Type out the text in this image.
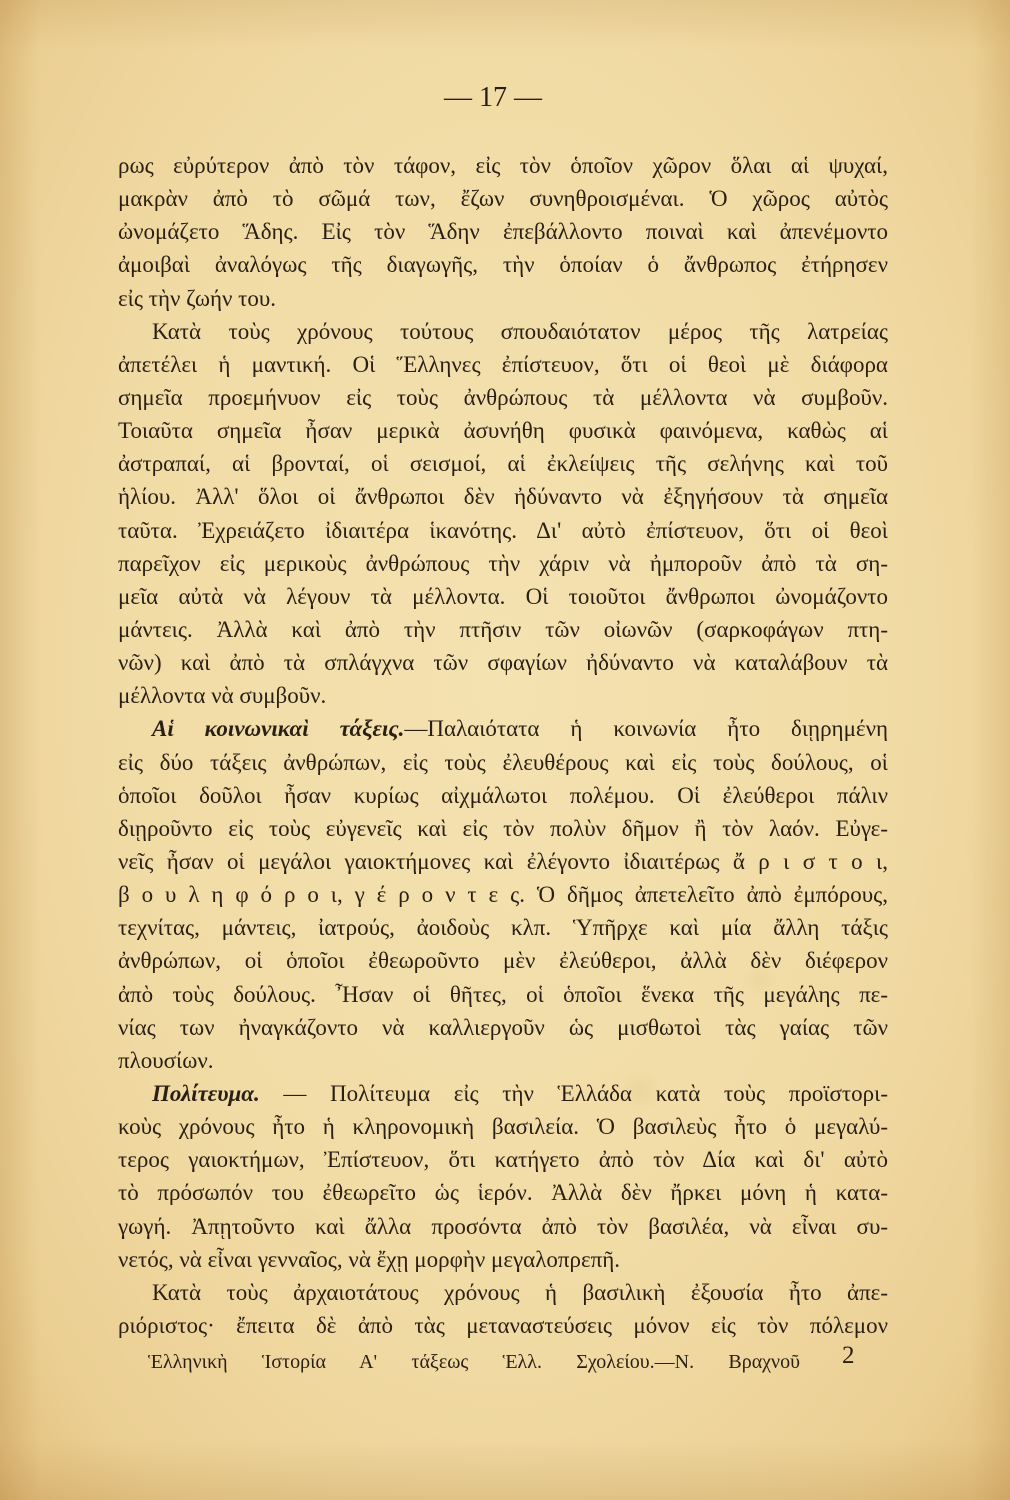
— 17 —
ρως εὐρύτερον ἀπὸ τὸν τάφον, εἰς τὸν ὁποῖον χῶρον ὅλαι αἱ ψυχαί,
μακρὰν ἀπὸ τὸ σῶμά των, ἔζων συνηθροισμέναι. Ὁ χῶρος αὐτὸς
ὠνομάζετο Ἅδης. Εἰς τὸν Ἅδην ἐπεβάλλοντο ποιναὶ καὶ ἀπενέμοντο
ἀμοιβαὶ ἀναλόγως τῆς διαγωγῆς, τὴν ὁποίαν ὁ ἄνθρωπος ἐτήρησεν
εἰς τὴν ζωήν του.
Κατὰ τοὺς χρόνους τούτους σπουδαιότατον μέρος τῆς λατρείας
ἀπετέλει ἡ μαντική. Οἱ Ἕλληνες ἐπίστευον, ὅτι οἱ θεοὶ μὲ διάφορα
σημεῖα προεμήνυον εἰς τοὺς ἀνθρώπους τὰ μέλλοντα νὰ συμβοῦν.
Τοιαῦτα σημεῖα ἦσαν μερικὰ ἀσυνήθη φυσικὰ φαινόμενα, καθὼς αἱ
ἀστραπαί, αἱ βρονταί, οἱ σεισμοί, αἱ ἐκλείψεις τῆς σελήνης καὶ τοῦ
ἡλίου. Ἀλλ' ὅλοι οἱ ἄνθρωποι δὲν ἠδύναντο νὰ ἐξηγήσουν τὰ σημεῖα
ταῦτα. Ἐχρειάζετο ἰδιαιτέρα ἱκανότης. Δι' αὐτὸ ἐπίστευον, ὅτι οἱ θεοὶ
παρεῖχον εἰς μερικοὺς ἀνθρώπους τὴν χάριν νὰ ἠμποροῦν ἀπὸ τὰ ση-
μεῖα αὐτὰ νὰ λέγουν τὰ μέλλοντα. Οἱ τοιοῦτοι ἄνθρωποι ὠνομάζοντο
μάντεις. Ἀλλὰ καὶ ἀπὸ τὴν πτῆσιν τῶν οἰωνῶν (σαρκοφάγων πτη-
νῶν) καὶ ἀπὸ τὰ σπλάγχνα τῶν σφαγίων ἠδύναντο νὰ καταλάβουν τὰ
μέλλοντα νὰ συμβοῦν.
Αἱ κοινωνικαὶ τάξεις.—Παλαιότατα ἡ κοινωνία ἦτο διῃρημένη
εἰς δύο τάξεις ἀνθρώπων, εἰς τοὺς ἐλευθέρους καὶ εἰς τοὺς δούλους, οἱ
ὁποῖοι δοῦλοι ἦσαν κυρίως αἰχμάλωτοι πολέμου. Οἱ ἐλεύθεροι πάλιν
διῃροῦντο εἰς τοὺς εὐγενεῖς καὶ εἰς τὸν πολὺν δῆμον ἢ τὸν λαόν. Εὐγε-
νεῖς ἦσαν οἱ μεγάλοι γαιοκτήμονες καὶ ἐλέγοντο ἰδιαιτέρως ἄ ρ ι σ τ ο ι,
β ο υ λ η φ ό ρ ο ι, γ έ ρ ο ν τ ε ς. Ὁ δῆμος ἀπετελεῖτο ἀπὸ ἐμπόρους,
τεχνίτας, μάντεις, ἰατρούς, ἀοιδοὺς κλπ. Ὑπῆρχε καὶ μία ἄλλη τάξις
ἀνθρώπων, οἱ ὁποῖοι ἐθεωροῦντο μὲν ἐλεύθεροι, ἀλλὰ δὲν διέφερον
ἀπὸ τοὺς δούλους. Ἦσαν οἱ θῆτες, οἱ ὁποῖοι ἕνεκα τῆς μεγάλης πε-
νίας των ἠναγκάζοντο νὰ καλλιεργοῦν ὡς μισθωτοὶ τὰς γαίας τῶν
πλουσίων.
Πολίτευμα. — Πολίτευμα εἰς τὴν Ἑλλάδα κατὰ τοὺς προϊστορι-
κοὺς χρόνους ἦτο ἡ κληρονομικὴ βασιλεία. Ὁ βασιλεὺς ἦτο ὁ μεγαλύ-
τερος γαιοκτήμων, Ἐπίστευον, ὅτι κατήγετο ἀπὸ τὸν Δία καὶ δι' αὐτὸ
τὸ πρόσωπόν του ἐθεωρεῖτο ὡς ἱερόν. Ἀλλὰ δὲν ἤρκει μόνη ἡ κατα-
γωγή. Ἀπῃτοῦντο καὶ ἄλλα προσόντα ἀπὸ τὸν βασιλέα, νὰ εἶναι συ-
νετός, νὰ εἶναι γενναῖος, νὰ ἔχῃ μορφὴν μεγαλοπρεπῆ.
Κατὰ τοὺς ἀρχαιοτάτους χρόνους ἡ βασιλικὴ ἐξουσία ἦτο ἀπε-
ριόριστος· ἔπειτα δὲ ἀπὸ τὰς μεταναστεύσεις μόνον εἰς τὸν πόλεμον
Ἑλληνικὴ Ἱστορία Α' τάξεως Ἑλλ. Σχολείου.—Ν. Βραχνοῦ 2
